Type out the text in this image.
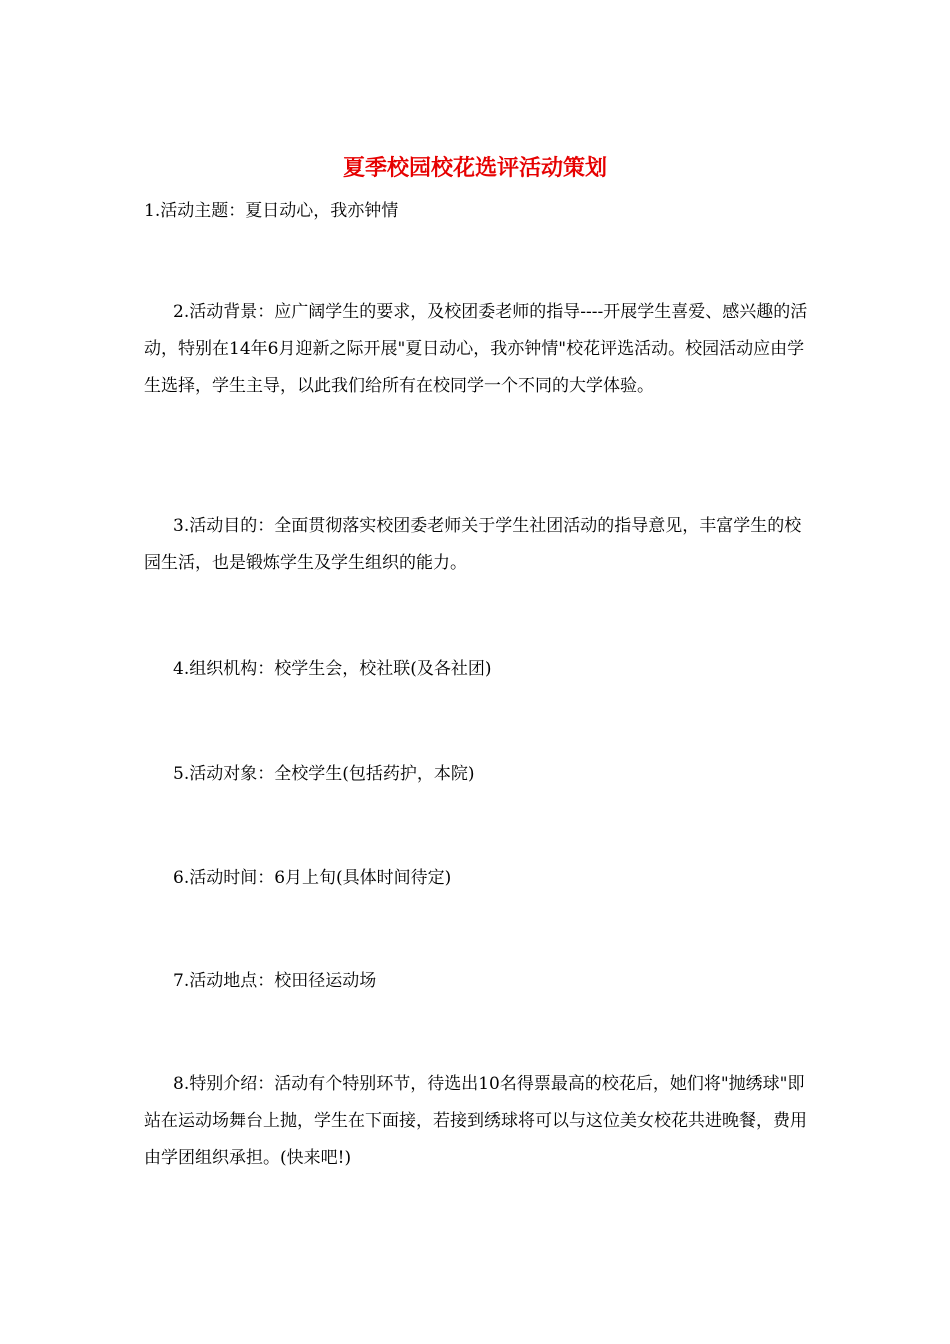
夏季校园校花选评活动策划

1.活动主题：夏日动心，我亦钟情

2.活动背景：应广阔学生的要求，及校团委老师的指导----开展学生喜爱、感兴趣的活动，特别在14年6月迎新之际开展"夏日动心，我亦钟情"校花评选活动。校园活动应由学生选择，学生主导，以此我们给所有在校同学一个不同的大学体验。

3.活动目的：全面贯彻落实校团委老师关于学生社团活动的指导意见，丰富学生的校园生活，也是锻炼学生及学生组织的能力。

4.组织机构：校学生会，校社联(及各社团)

5.活动对象：全校学生(包括药护，本院)

6.活动时间：6月上旬(具体时间待定)

7.活动地点：校田径运动场

8.特别介绍：活动有个特别环节，待选出10名得票最高的校花后，她们将"抛绣球"即站在运动场舞台上抛，学生在下面接，若接到绣球将可以与这位美女校花共进晚餐，费用由学团组织承担。(快来吧!)
